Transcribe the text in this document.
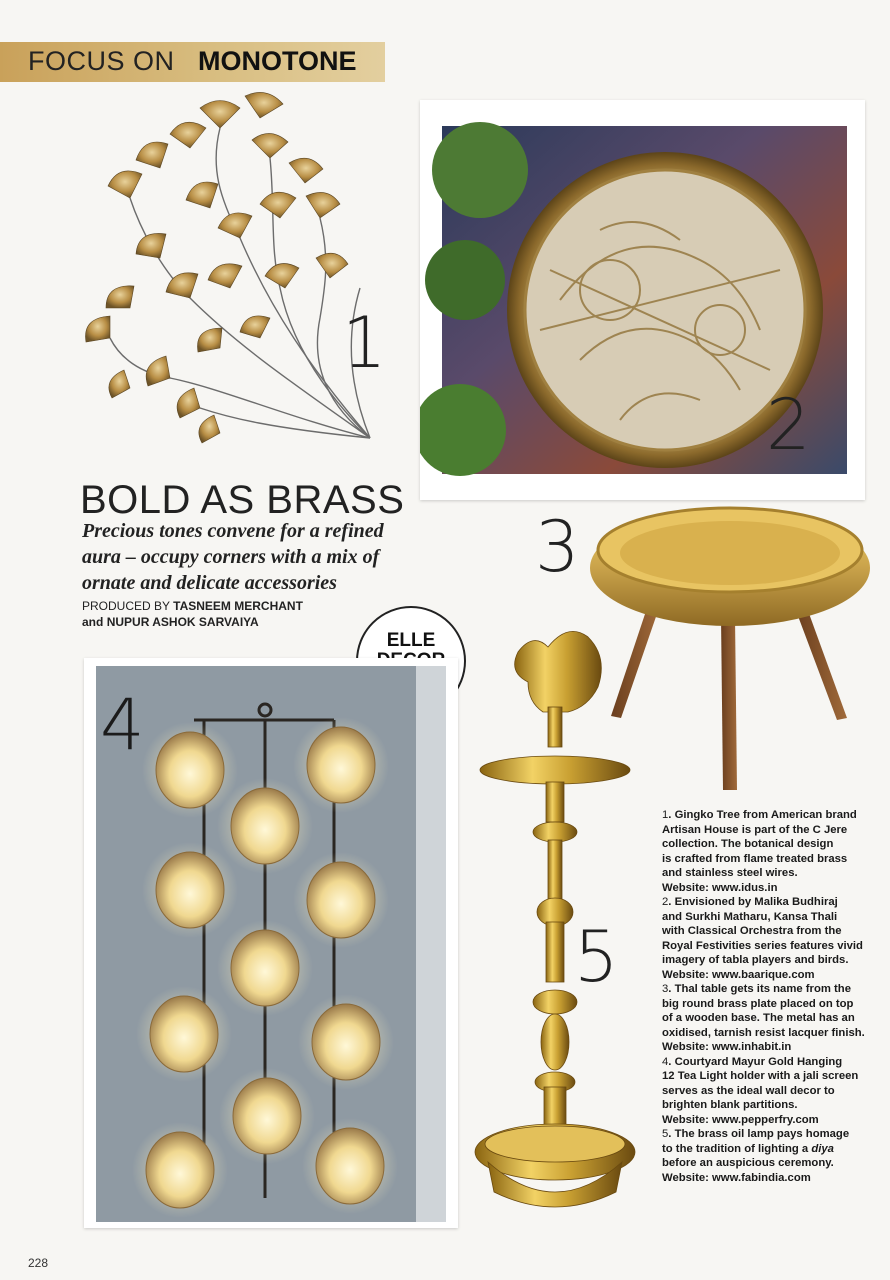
FOCUS ON MONOTONE
1
2
BOLD AS BRASS
Precious tones convene for a refined aura – occupy corners with a mix of ornate and delicate accessories
PRODUCED BY TASNEEM MERCHANT
and NUPUR ASHOK SARVAIYA
3
ELLE
4
5

1. Gingko Tree from American brand
Artisan House is part of the C Jere
collection. The botanical design
is crafted from flame treated brass
and stainless steel wires.
Website: www.idus.in

2. Envisioned by Malika Budhiraj
and Surkhi Matharu, Kansa Thali
with Classical Orchestra from the
Royal Festivities series features vivid
imagery of tabla players and birds.
Website: www.baarique.com

3. Thal table gets its name from the
big round brass plate placed on top
of a wooden base. The metal has an
oxidised, tarnish resist lacquer finish.
Website: www.inhabit.in

4. Courtyard Mayur Gold Hanging
12 Tea Light holder with a jali screen
serves as the ideal wall decor to
brighten blank partitions.
Website: www.pepperfry.com

5. The brass oil lamp pays homage
to the tradition of lighting a diya
before an auspicious ceremony.
Website: www.fabindia.com

228
